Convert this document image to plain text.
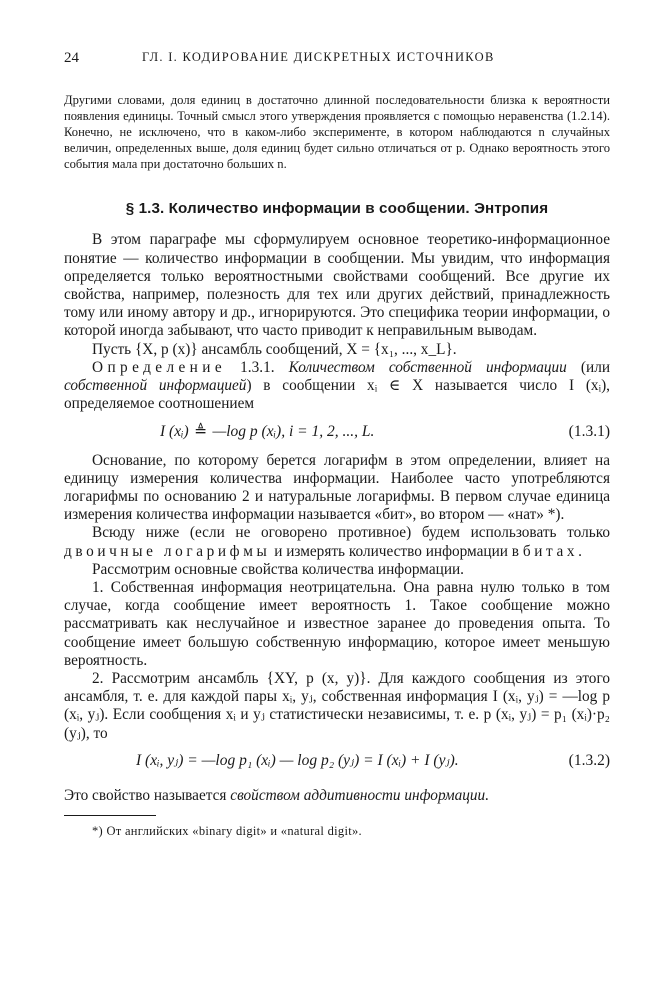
24	ГЛ. I. КОДИРОВАНИЕ ДИСКРЕТНЫХ ИСТОЧНИКОВ

Другими словами, доля единиц в достаточно длинной последовательности близка к вероятности появления единицы. Точный смысл этого утверждения проявляется с помощью неравенства (1.2.14). Конечно, не исключено, что в каком-либо эксперименте, в котором наблюдаются n случайных величин, определенных выше, доля единиц будет сильно отличаться от p. Однако вероятность этого события мала при достаточно больших n.

§ 1.3. Количество информации в сообщении. Энтропия

В этом параграфе мы сформулируем основное теоретико-информационное понятие — количество информации в сообщении. Мы увидим, что информация определяется только вероятностными свойствами сообщений. Все другие их свойства, например, полезность для тех или других действий, принадлежность тому или иному автору и др., игнорируются. Это специфика теории информации, о которой иногда забывают, что часто приводит к неправильным выводам.

Пусть {X, p (x)} ансамбль сообщений, X = {x₁, ..., x_L}.

Определение 1.3.1. Количеством собственной информации (или собственной информацией) в сообщении xᵢ ∈ X называется число I (xᵢ), определяемое соотношением

I (xᵢ) ≜ —log p (xᵢ), i = 1, 2, ..., L.	(1.3.1)

Основание, по которому берется логарифм в этом определении, влияет на единицу измерения количества информации. Наиболее часто употребляются логарифмы по основанию 2 и натуральные логарифмы. В первом случае единица измерения количества информации называется «бит», во втором — «нат» *).

Всюду ниже (если не оговорено противное) будем использовать только двоичные логарифмы и измерять количество информации в битах.

Рассмотрим основные свойства количества информации.

1. Собственная информация неотрицательна. Она равна нулю только в том случае, когда сообщение имеет вероятность 1. Такое сообщение можно рассматривать как неслучайное и известное заранее до проведения опыта. То сообщение имеет большую собственную информацию, которое имеет меньшую вероятность.

2. Рассмотрим ансамбль {XY, p (x, y)}. Для каждого сообщения из этого ансамбля, т. е. для каждой пары xᵢ, yⱼ, собственная информация I (xᵢ, yⱼ) = —log p (xᵢ, yⱼ). Если сообщения xᵢ и yⱼ статистически независимы, т. е. p (xᵢ, yⱼ) = p₁ (xᵢ)·p₂ (yⱼ), то

I (xᵢ, yⱼ) = —log p₁ (xᵢ) — log p₂ (yⱼ) = I (xᵢ) + I (yⱼ).	(1.3.2)
Это свойство называется свойством аддитивности информации.
*) От английских «binary digit» и «natural digit».
